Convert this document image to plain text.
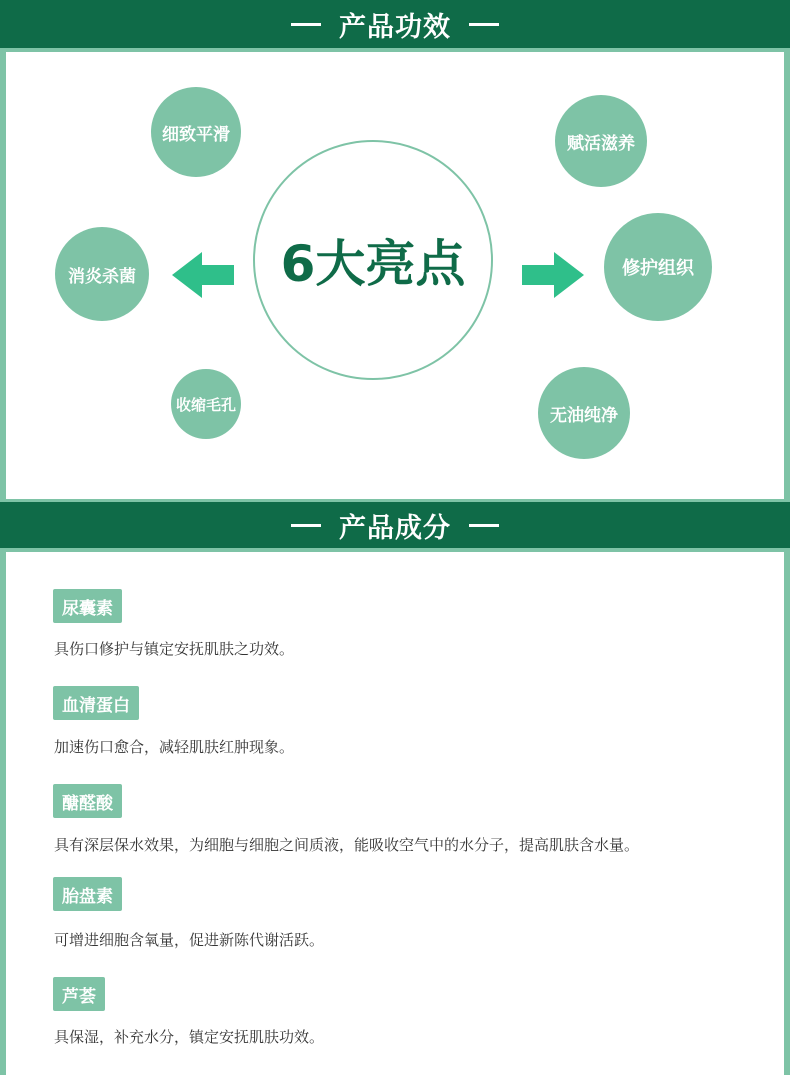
产品功效
6大亮点
细致平滑	赋活滋养
消炎杀菌	修护组织
收缩毛孔
无油纯净
产品成分
尿囊素
具伤口修护与镇定安抚肌肤之功效。
血清蛋白
加速伤口愈合，减轻肌肤红肿现象。
醣醛酸
具有深层保水效果，为细胞与细胞之间质液，能吸收空气中的水分子，提高肌肤含水量。
胎盘素
可增进细胞含氧量，促进新陈代谢活跃。
芦荟
具保湿，补充水分，镇定安抚肌肤功效。
